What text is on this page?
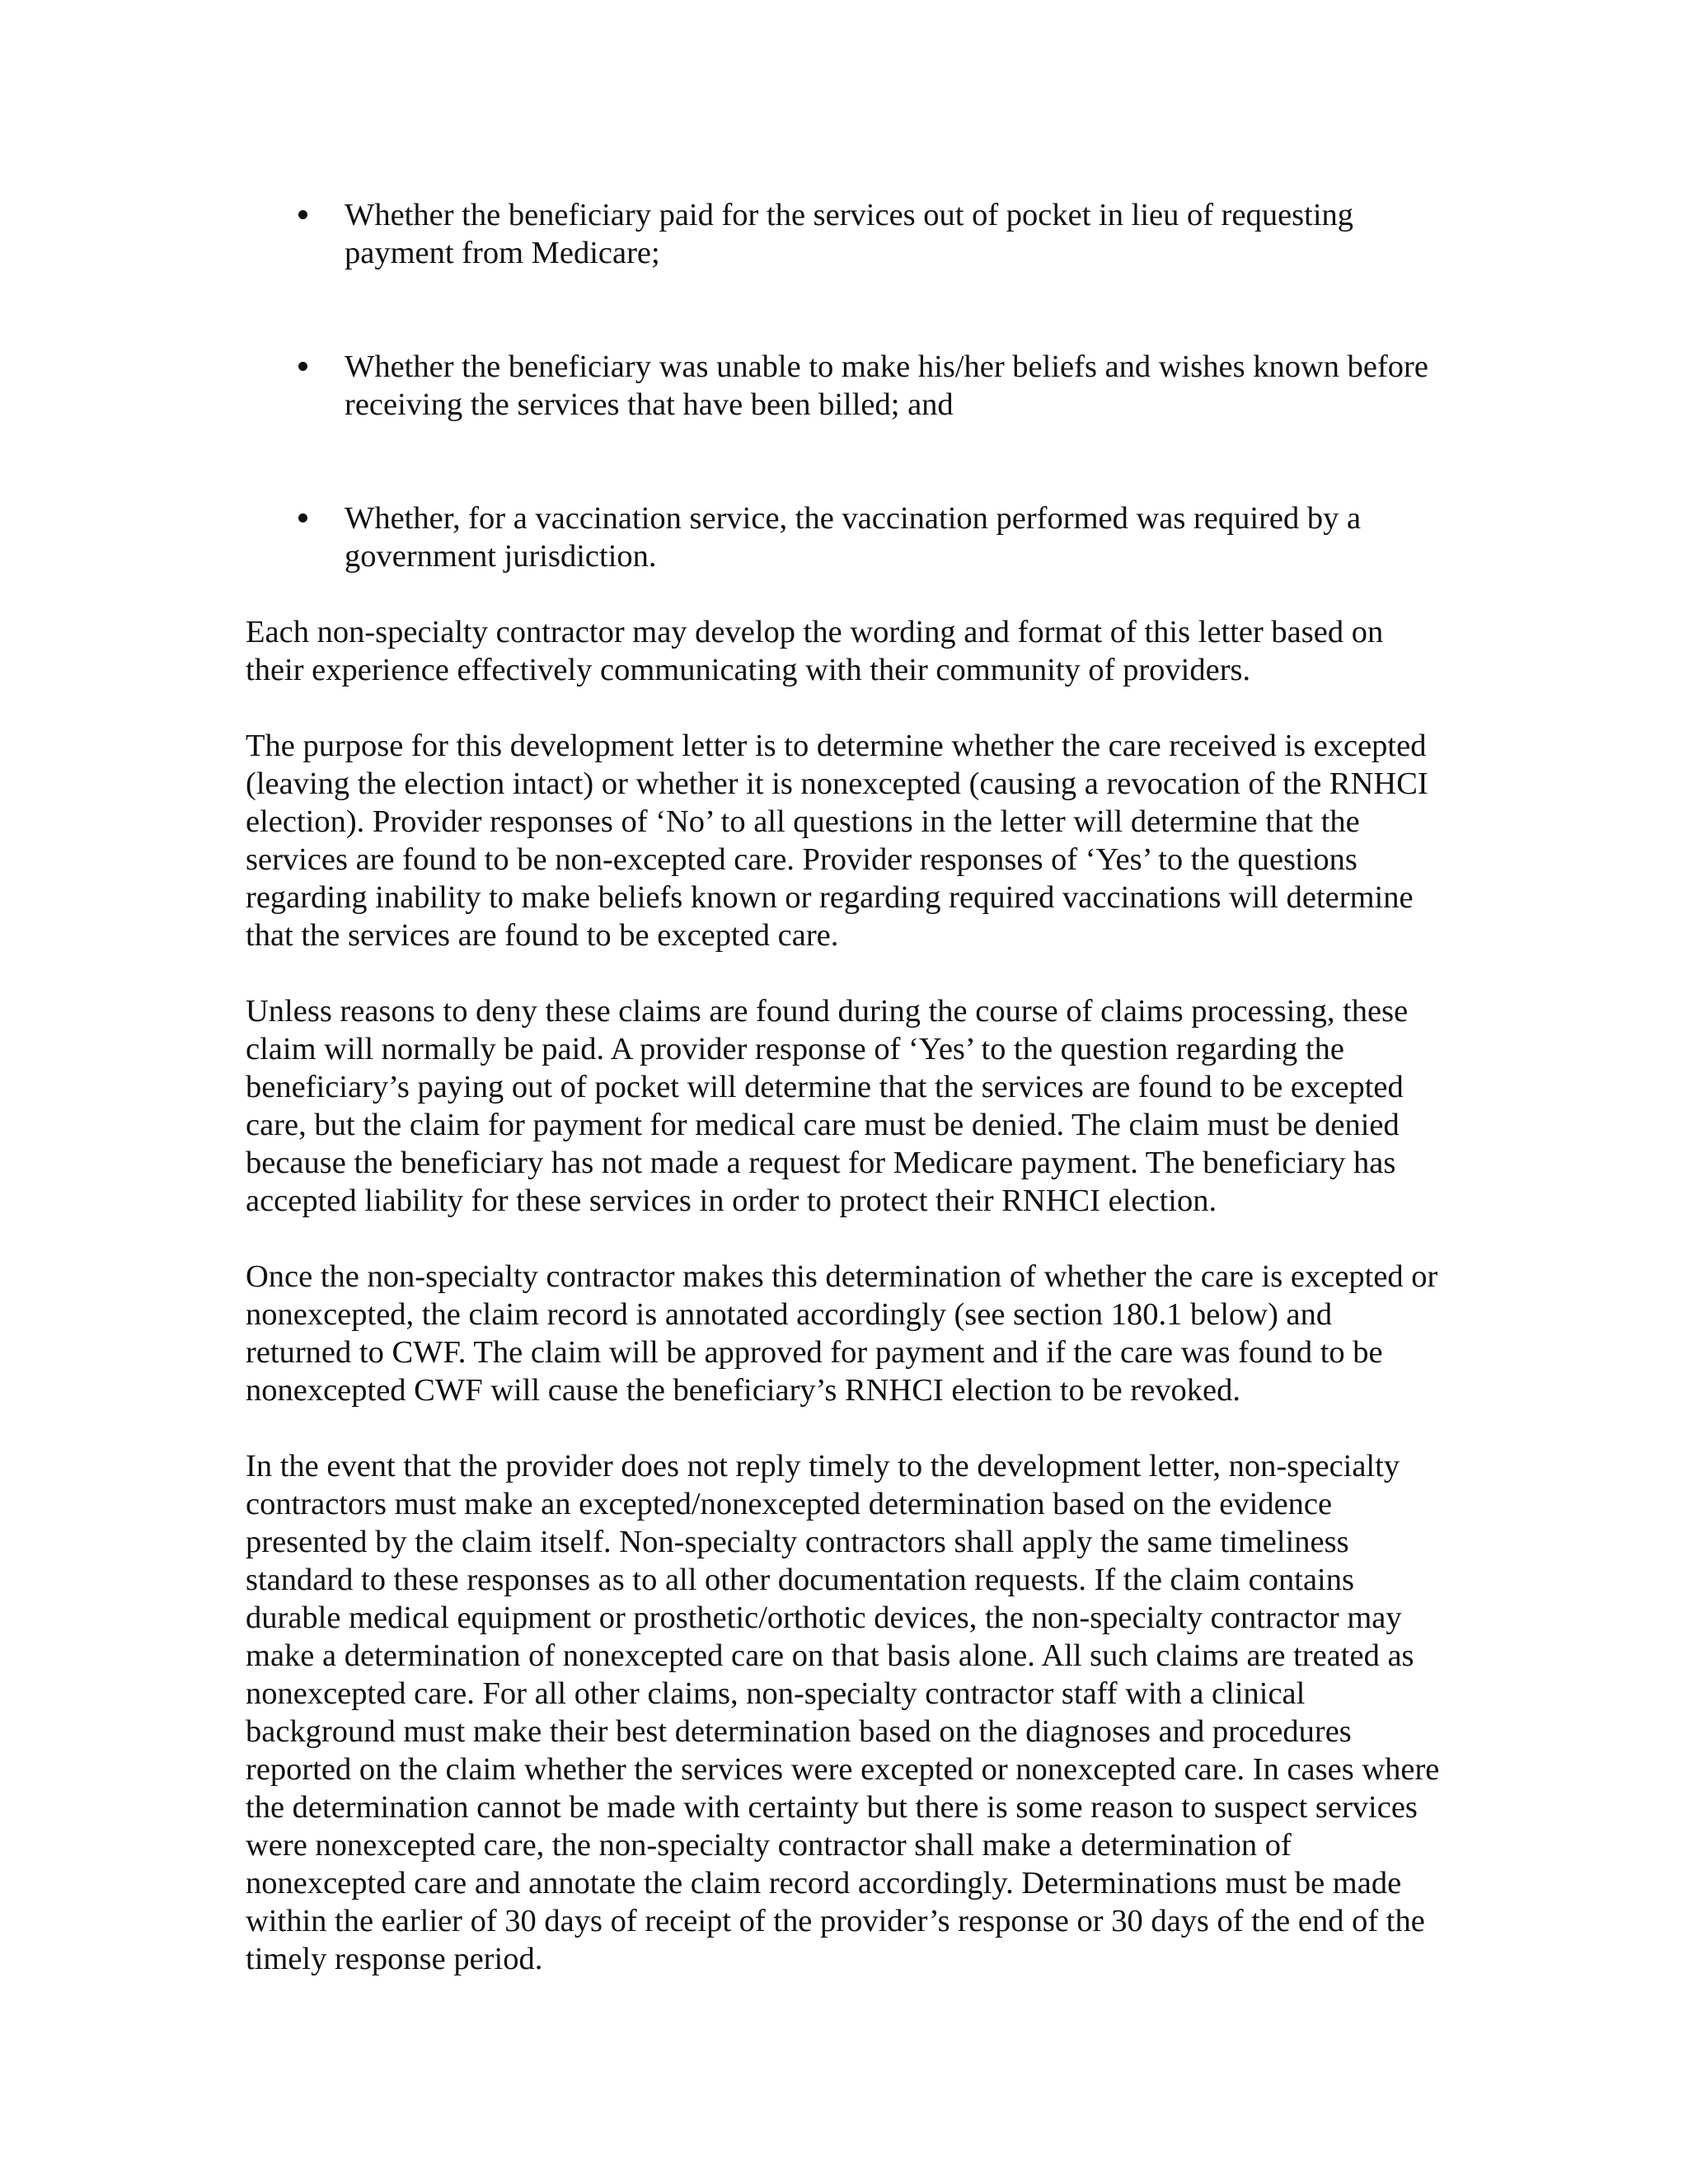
Whether the beneficiary paid for the services out of pocket in lieu of requesting payment from Medicare;
Whether the beneficiary was unable to make his/her beliefs and wishes known before receiving the services that have been billed; and
Whether, for a vaccination service, the vaccination performed was required by a government jurisdiction.

Each non-specialty contractor may develop the wording and format of this letter based on their experience effectively communicating with their community of providers.

The purpose for this development letter is to determine whether the care received is excepted (leaving the election intact) or whether it is nonexcepted (causing a revocation of the RNHCI election). Provider responses of ‘No’ to all questions in the letter will determine that the services are found to be non-excepted care. Provider responses of ‘Yes’ to the questions regarding inability to make beliefs known or regarding required vaccinations will determine that the services are found to be excepted care.

Unless reasons to deny these claims are found during the course of claims processing, these claim will normally be paid. A provider response of ‘Yes’ to the question regarding the beneficiary’s paying out of pocket will determine that the services are found to be excepted care, but the claim for payment for medical care must be denied. The claim must be denied because the beneficiary has not made a request for Medicare payment. The beneficiary has accepted liability for these services in order to protect their RNHCI election.

Once the non-specialty contractor makes this determination of whether the care is excepted or nonexcepted, the claim record is annotated accordingly (see section 180.1 below) and returned to CWF. The claim will be approved for payment and if the care was found to be nonexcepted CWF will cause the beneficiary’s RNHCI election to be revoked.

In the event that the provider does not reply timely to the development letter, non-specialty contractors must make an excepted/nonexcepted determination based on the evidence presented by the claim itself. Non-specialty contractors shall apply the same timeliness standard to these responses as to all other documentation requests. If the claim contains durable medical equipment or prosthetic/orthotic devices, the non-specialty contractor may make a determination of nonexcepted care on that basis alone. All such claims are treated as nonexcepted care. For all other claims, non-specialty contractor staff with a clinical background must make their best determination based on the diagnoses and procedures reported on the claim whether the services were excepted or nonexcepted care. In cases where the determination cannot be made with certainty but there is some reason to suspect services were nonexcepted care, the non-specialty contractor shall make a determination of nonexcepted care and annotate the claim record accordingly. Determinations must be made within the earlier of 30 days of receipt of the provider’s response or 30 days of the end of the timely response period.
